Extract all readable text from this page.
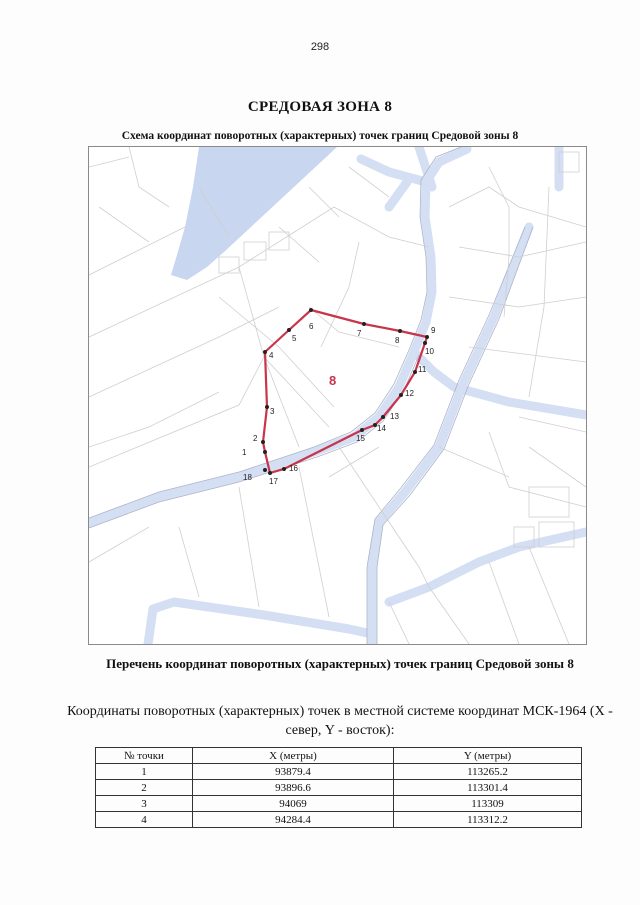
298
СРЕДОВАЯ ЗОНА 8
Схема координат поворотных (характерных) точек границ Средовой зоны 8
1
2
3
4
5
6
7
8
9
10
11
12
13
14
15
16
17
18
8
Перечень координат поворотных (характерных) точек границ Средовой зоны 8
Координаты поворотных (характерных) точек в местной системе координат МСК-1964 (X - север, Y - восток):
№ точки	X (метры)	Y (метры)
1	93879.4	113265.2
2	93896.6	113301.4
3	94069	113309
4	94284.4	113312.2
